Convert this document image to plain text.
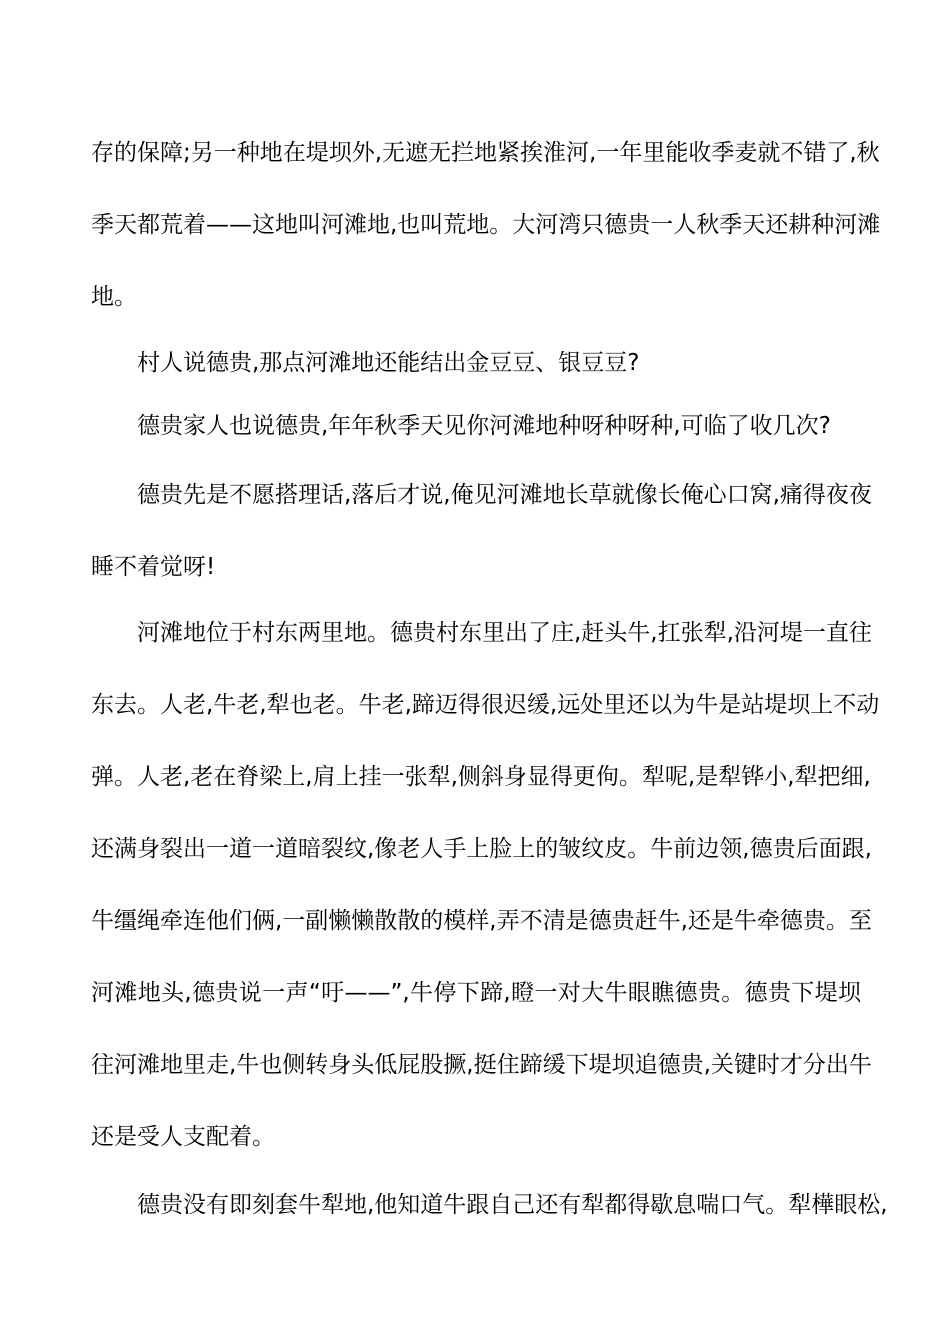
存的保障;另一种地在堤坝外,无遮无拦地紧挨淮河,一年里能收季麦就不错了,秋
季天都荒着——这地叫河滩地,也叫荒地。大河湾只德贵一人秋季天还耕种河滩
地。
村人说德贵,那点河滩地还能结出金豆豆、银豆豆?
德贵家人也说德贵,年年秋季天见你河滩地种呀种呀种,可临了收几次?
德贵先是不愿搭理话,落后才说,俺见河滩地长草就像长俺心口窝,痛得夜夜
睡不着觉呀!
河滩地位于村东两里地。德贵村东里出了庄,赶头牛,扛张犁,沿河堤一直往
东去。人老,牛老,犁也老。牛老,蹄迈得很迟缓,远处里还以为牛是站堤坝上不动
弹。人老,老在脊梁上,肩上挂一张犁,侧斜身显得更佝。犁呢,是犁铧小,犁把细,
还满身裂出一道一道暗裂纹,像老人手上脸上的皱纹皮。牛前边领,德贵后面跟,
牛缰绳牵连他们俩,一副懒懒散散的模样,弄不清是德贵赶牛,还是牛牵德贵。至
河滩地头,德贵说一声“吁——”,牛停下蹄,瞪一对大牛眼瞧德贵。德贵下堤坝
往河滩地里走,牛也侧转身头低屁股撅,挺住蹄缓下堤坝追德贵,关键时才分出牛
还是受人支配着。
德贵没有即刻套牛犁地,他知道牛跟自己还有犁都得歇息喘口气。犁樺眼松,
